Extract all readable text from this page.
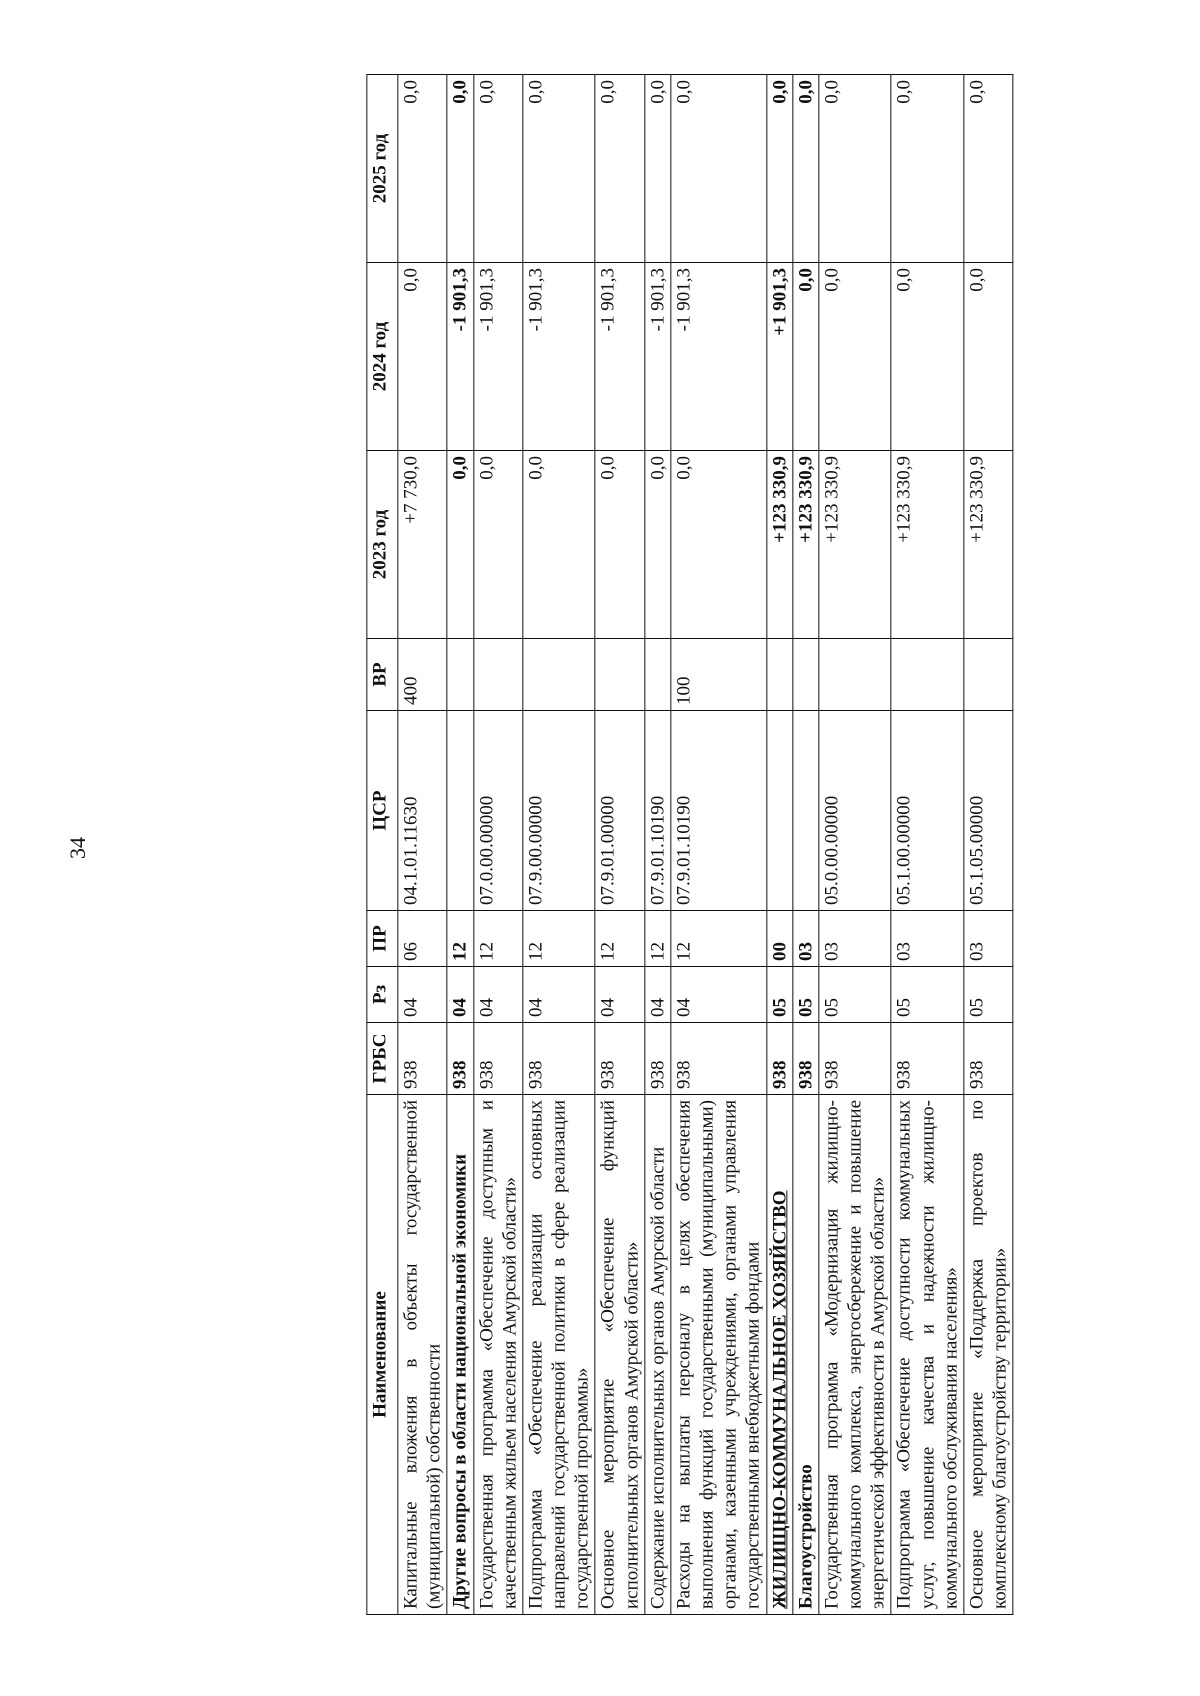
34
Наименование	ГРБС	Рз	ПР	ЦСР	ВР	2023 год	2024 год	2025 год
Капитальные вложения в объекты государственной (муниципальной) собственности	938	04	06	04.1.01.11630	400	+7 730,0	0,0	0,0
Другие вопросы в области национальной экономики	938	04	12			0,0	-1 901,3	0,0
Государственная программа «Обеспечение доступным и качественным жильем населения Амурской области»	938	04	12	07.0.00.00000		0,0	-1 901,3	0,0
Подпрограмма «Обеспечение реализации основных направлений государственной политики в сфере реализации государственной программы»	938	04	12	07.9.00.00000		0,0	-1 901,3	0,0
Основное мероприятие «Обеспечение функций исполнительных органов Амурской области»	938	04	12	07.9.01.00000		0,0	-1 901,3	0,0
Содержание исполнительных органов Амурской области	938	04	12	07.9.01.10190		0,0	-1 901,3	0,0
Расходы на выплаты персоналу в целях обеспечения выполнения функций государственными (муниципальными) органами, казенными учреждениями, органами управления государственными внебюджетными фондами	938	04	12	07.9.01.10190	100	0,0	-1 901,3	0,0
ЖИЛИЩНО-КОММУНАЛЬНОЕ ХОЗЯЙСТВО	938	05	00			+123 330,9	+1 901,3	0,0
Благоустройство	938	05	03			+123 330,9	0,0	0,0
Государственная программа «Модернизация жилищно-коммунального комплекса, энергосбережение и повышение энергетической эффективности в Амурской области»	938	05	03	05.0.00.00000		+123 330,9	0,0	0,0
Подпрограмма «Обеспечение доступности коммунальных услуг, повышение качества и надежности жилищно-коммунального обслуживания населения»	938	05	03	05.1.00.00000		+123 330,9	0,0	0,0
Основное мероприятие «Поддержка проектов по комплексному благоустройству территории»	938	05	03	05.1.05.00000		+123 330,9	0,0	0,0
